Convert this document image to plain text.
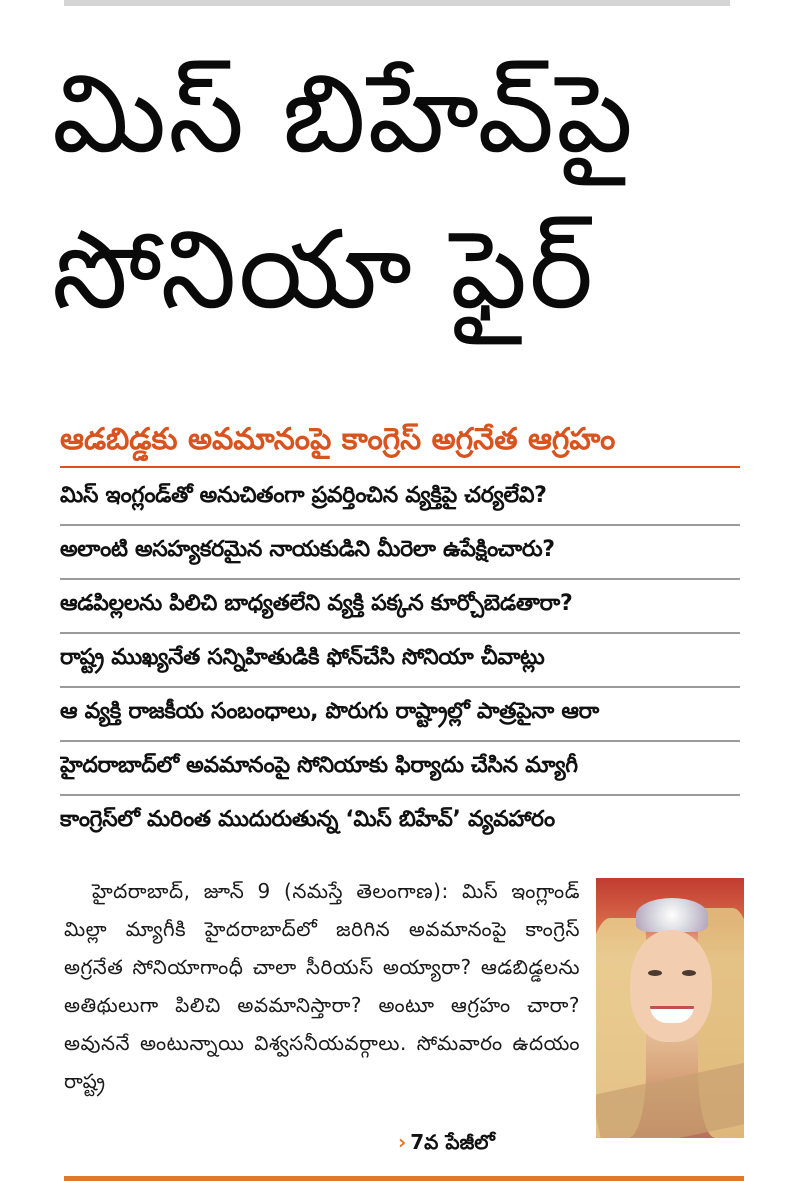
మిస్ బిహేవ్‌పై
సోనియా ఫైర్
ఆడబిడ్డకు అవమానంపై కాంగ్రెస్ అగ్రనేత ఆగ్రహం
మిస్ ఇంగ్లండ్‌తో అనుచితంగా ప్రవర్తించిన వ్యక్తిపై చర్యలేవి?
అలాంటి అసహ్యకరమైన నాయకుడిని మీరెలా ఉపేక్షించారు?
ఆడపిల్లలను పిలిచి బాధ్యతలేని వ్యక్తి పక్కన కూర్చోబెడతారా?
రాష్ట్ర ముఖ్యనేత సన్నిహితుడికి ఫోన్‌చేసి సోనియా చీవాట్లు
ఆ వ్యక్తి రాజకీయ సంబంధాలు, పొరుగు రాష్ట్రాల్లో పాత్రపైనా ఆరా
హైదరాబాద్‌లో అవమానంపై సోనియాకు ఫిర్యాదు చేసిన మ్యాగీ
కాంగ్రెస్‌లో మరింత ముదురుతున్న ‘మిస్ బిహేవ్’ వ్యవహారం
హైదరాబాద్, జూన్ 9 (నమస్తే తెలంగాణ): మిస్ ఇంగ్లాండ్ మిల్లా మ్యాగీకి హైదరాబాద్‌లో జరిగిన అవమానంపై కాంగ్రెస్ అగ్రనేత సోనియాగాంధీ చాలా సీరియస్ అయ్యారా? ఆడబిడ్డలను అతిథులుగా పిలిచి అవమానిస్తారా? అంటూ ఆగ్రహం చారా? అవుననే అంటున్నాయి విశ్వసనీయవర్గాలు. సోమవారం ఉదయం రాష్ట్ర
› 7వ పేజీలో
